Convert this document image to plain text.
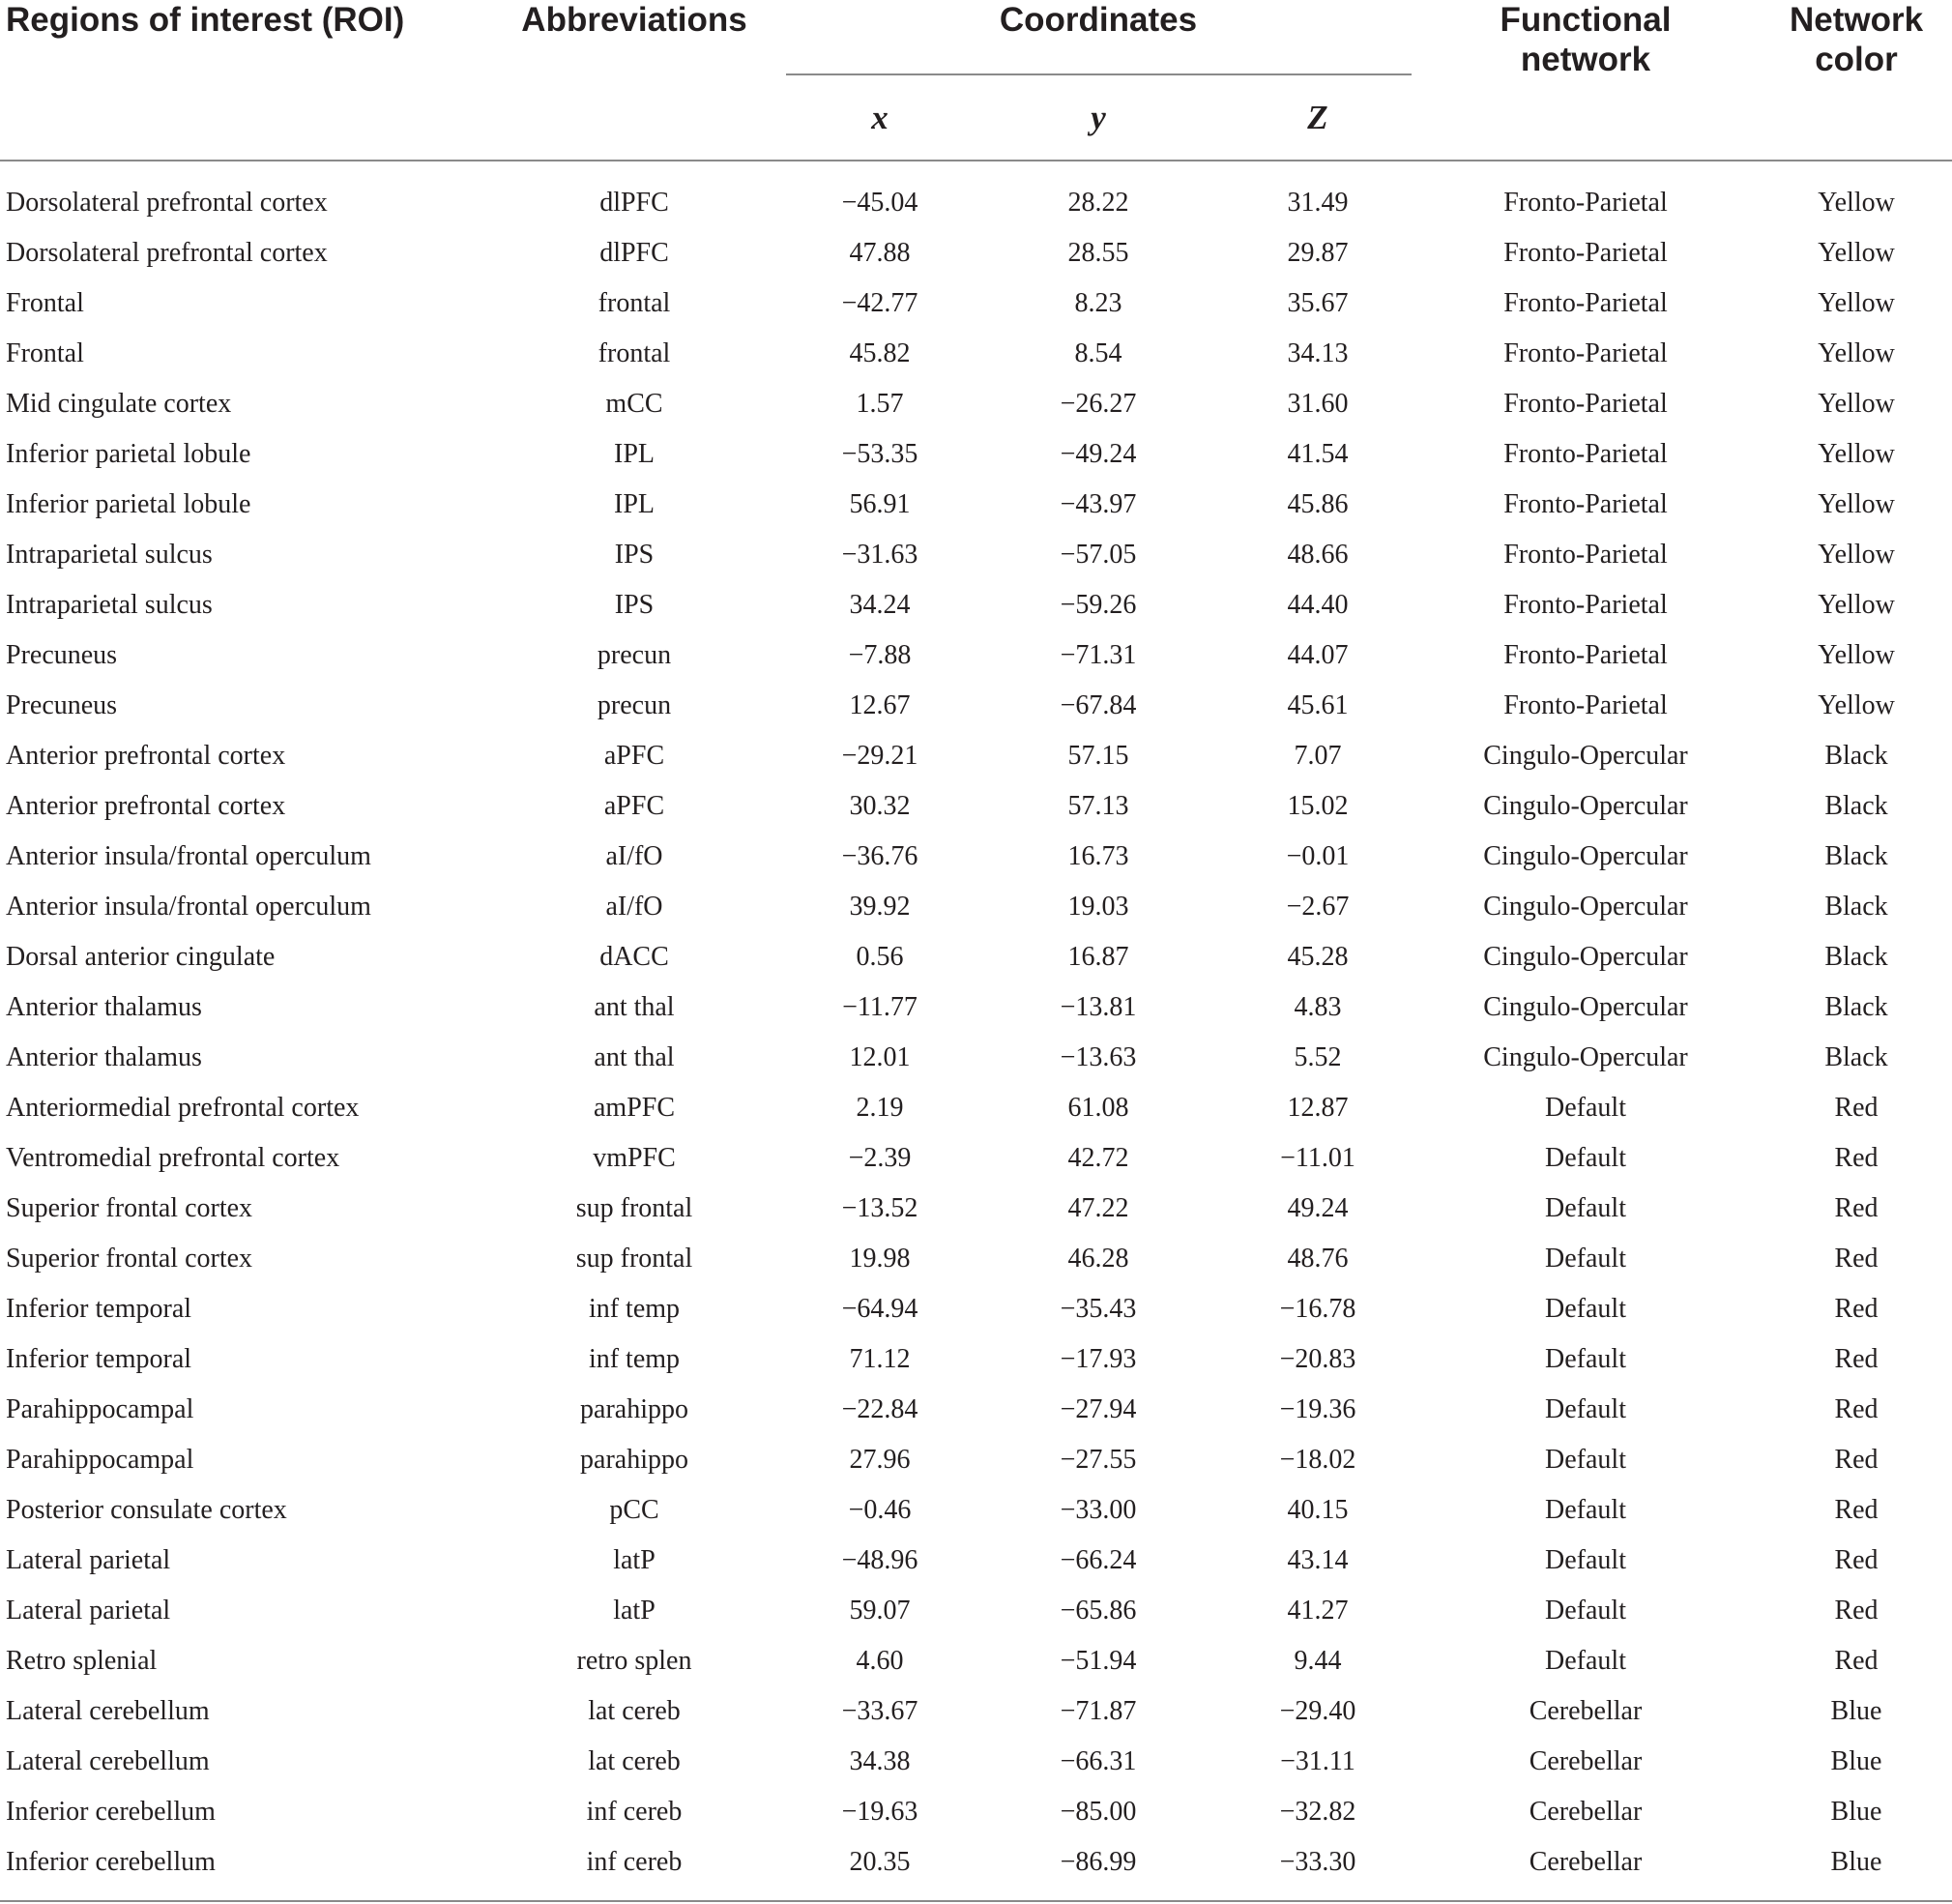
Regions of interest (ROI)	Abbreviations	Coordinates	Functional
network
Network
color
x	y	Z
Dorsolateral prefrontal cortex	dlPFC	−45.04	28.22	31.49	Fronto-Parietal	Yellow
Dorsolateral prefrontal cortex	dlPFC	47.88	28.55	29.87	Fronto-Parietal	Yellow
Frontal	frontal	−42.77	8.23	35.67	Fronto-Parietal	Yellow
Frontal	frontal	45.82	8.54	34.13	Fronto-Parietal	Yellow
Mid cingulate cortex	mCC	1.57	−26.27	31.60	Fronto-Parietal	Yellow
Inferior parietal lobule	IPL	−53.35	−49.24	41.54	Fronto-Parietal	Yellow
Inferior parietal lobule	IPL	56.91	−43.97	45.86	Fronto-Parietal	Yellow
Intraparietal sulcus	IPS	−31.63	−57.05	48.66	Fronto-Parietal	Yellow
Intraparietal sulcus	IPS	34.24	−59.26	44.40	Fronto-Parietal	Yellow
Precuneus	precun	−7.88	−71.31	44.07	Fronto-Parietal	Yellow
Precuneus	precun	12.67	−67.84	45.61	Fronto-Parietal	Yellow
Anterior prefrontal cortex	aPFC	−29.21	57.15	7.07	Cingulo-Opercular	Black
Anterior prefrontal cortex	aPFC	30.32	57.13	15.02	Cingulo-Opercular	Black
Anterior insula/frontal operculum	aI/fO	−36.76	16.73	−0.01	Cingulo-Opercular	Black
Anterior insula/frontal operculum	aI/fO	39.92	19.03	−2.67	Cingulo-Opercular	Black
Dorsal anterior cingulate	dACC	0.56	16.87	45.28	Cingulo-Opercular	Black
Anterior thalamus	ant thal	−11.77	−13.81	4.83	Cingulo-Opercular	Black
Anterior thalamus	ant thal	12.01	−13.63	5.52	Cingulo-Opercular	Black
Anteriormedial prefrontal cortex	amPFC	2.19	61.08	12.87	Default	Red
Ventromedial prefrontal cortex	vmPFC	−2.39	42.72	−11.01	Default	Red
Superior frontal cortex	sup frontal	−13.52	47.22	49.24	Default	Red
Superior frontal cortex	sup frontal	19.98	46.28	48.76	Default	Red
Inferior temporal	inf temp	−64.94	−35.43	−16.78	Default	Red
Inferior temporal	inf temp	71.12	−17.93	−20.83	Default	Red
Parahippocampal	parahippo	−22.84	−27.94	−19.36	Default	Red
Parahippocampal	parahippo	27.96	−27.55	−18.02	Default	Red
Posterior consulate cortex	pCC	−0.46	−33.00	40.15	Default	Red
Lateral parietal	latP	−48.96	−66.24	43.14	Default	Red
Lateral parietal	latP	59.07	−65.86	41.27	Default	Red
Retro splenial	retro splen	4.60	−51.94	9.44	Default	Red
Lateral cerebellum	lat cereb	−33.67	−71.87	−29.40	Cerebellar	Blue
Lateral cerebellum	lat cereb	34.38	−66.31	−31.11	Cerebellar	Blue
Inferior cerebellum	inf cereb	−19.63	−85.00	−32.82	Cerebellar	Blue
Inferior cerebellum	inf cereb	20.35	−86.99	−33.30	Cerebellar	Blue
